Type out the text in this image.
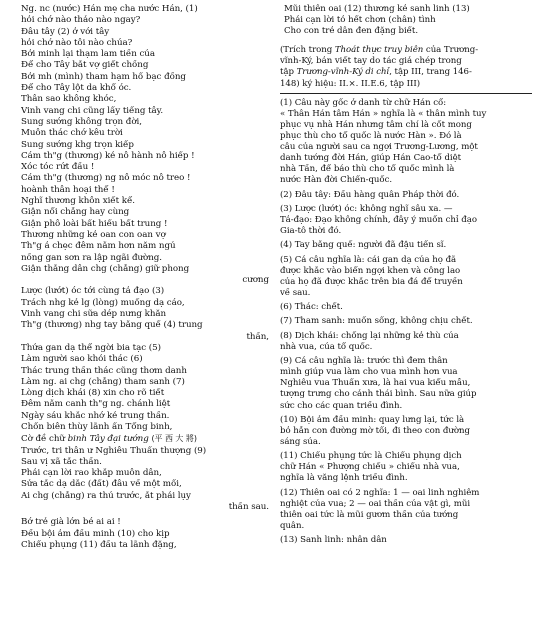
Ng. nc (nước) Hán mẹ cha nước Hán, (1)
hỏi chớ nào thảo nào ngay?
Đâu tây (2) ở với tây
hỏi chớ nào tôi nào chúa?
Bởi minh lại thạm lam tiền của
Để cho Tây bắt vợ giết chồng
Bởi mh (mình) tham hạm hố bạc đồng
Để cho Tây lột da khổ óc.
Thân sao không khóc,
Vinh vang chi cũng lấy tiếng tây.
Sung sướng không trọn đời,
Muôn thác chớ kêu trời
Sung sướng khg trọn kiếp
Cám th"g (thương) kẻ nô hành nô hiếp !
Xóc tóc rứt đầu !
Cám th"g (thương) ng nô móc nô treo !
hoành thân hoại thể !
Nghĩ thương khôn xiết kể.
Giận nổi chẳng hay cùng
Giận phô loài bất hiếu bất trung !
Thương những kẻ oan con oan vợ
Th"g ả chẹc đêm nằm hơn năm ngủ
nồng gan sơn ra lập ngãi đường.
Giận thằng dân chg (chẳng) giữ phong
cương
Lược (lướt) óc tới cùng tả đạo (3)
Trách nhg kẻ lg (lòng) muống dạ cáo,
Vinh vang chi sữa dép nưng khăn
Th"g (thương) nhg tay bằng quế (4) trung
thần,
Thửa gan dạ thể ngời bia tạc (5)
Làm người sao khỏi thác (6)
Thác trung thần thác cũng thơm danh
Làm ng. ai chg (chẳng) tham sanh (7)
Lòng dịch khái (8) xin cho rõ tiết
Đêm nằm canh th"g ng. chánh liệt
Ngày sáu khắc nhớ kẻ trung thần.
Chốn biên thùy lãnh ấn Tổng binh,
Cờ đề chữ binh Tây đại tướng (平 西 大 將)
Trước, tri thân ư Nghiêu Thuấn thượng (9)
Sau vị xã tắc thần.
Phải cạn lời rao khắp muôn dân,
Sửa tắc dạ dắc (đất) đâu về một mối,
Ai chg (chẳng) ra thủ trước, ắt phải lụy
thần sau.
Bớ trẻ già lớn bé ai ai !
Đều bội ảm đầu minh (10) cho kịp
Chiếu phụng (11) đầu ta lãnh đặng,
Mũi thiên oai (12) thương kẻ sanh linh (13)
Phải cạn lời tỏ hết chơn (chân) tình
Cho con trẻ dân đen đặng biết.
(Trích trong Thoát thực truy biên của Trương-
vĩnh-Ký, bản viết tay do tác giả chép trong
tập Trương-vĩnh-Ký di chỉ, tập III, trang 146-
148) ký hiệu: II.×. II.E.6, tập III)
(1) Câu này gốc ở danh từ chữ Hán cổ:
« Thân Hán tâm Hán » nghĩa là « thân mình tuy
phục vụ nhà Hán nhưng tâm chí là cốt mong
phục thù cho tổ quốc là nước Hàn ». Đó là
câu của người sau ca ngợi Trương-Lương, một
danh tướng đời Hán, giúp Hán Cao-tổ diệt
nhà Tần, để báo thù cho tổ quốc mình là
nước Hàn đời Chiến-quốc.
(2) Đâu tây: Đầu hàng quân Pháp thời đó.
(3) Lược (lướt) óc: không nghĩ sâu xa. —
Tả-đạo: Đạo không chính, đây ý muốn chỉ đạo
Gia-tô thời đó.
(4) Tay bằng quế: người đã đậu tiến sĩ.
(5) Cả câu nghĩa là: cái gan dạ của họ đã
được khắc vào biển ngợi khen và công lao
của họ đã được khắc trên bia đá để truyền
về sau.
(6) Thác: chết.
(7) Tham sanh: muốn sống, không chịu chết.
(8) Dịch khái: chống lại những kẻ thù của
nhà vua, của tổ quốc.
(9) Cả câu nghĩa là: trước thì đem thân
mình giúp vua làm cho vua mình hơn vua
Nghiêu vua Thuấn xưa, là hai vua kiểu mẫu,
tượng trưng cho cảnh thái bình. Sau nữa giúp
sức cho các quan triều đình.
(10) Bội ảm đầu minh: quay lưng lại, tức là
bỏ hẳn con đường mờ tối, đi theo con đường
sáng sủa.
(11) Chiếu phụng tức là Chiếu phụng dịch
chữ Hán « Phượng chiếu » chiếu nhà vua,
nghĩa là văng lệnh triều đình.
(12) Thiên oai có 2 nghĩa: 1 — oai linh nghiêm
nghiệt của vua; 2 — oai thần của vật gì, mũi
thiên oai tức là mũi gươm thần của tướng
quân.
(13) Sanh linh: nhân dân
